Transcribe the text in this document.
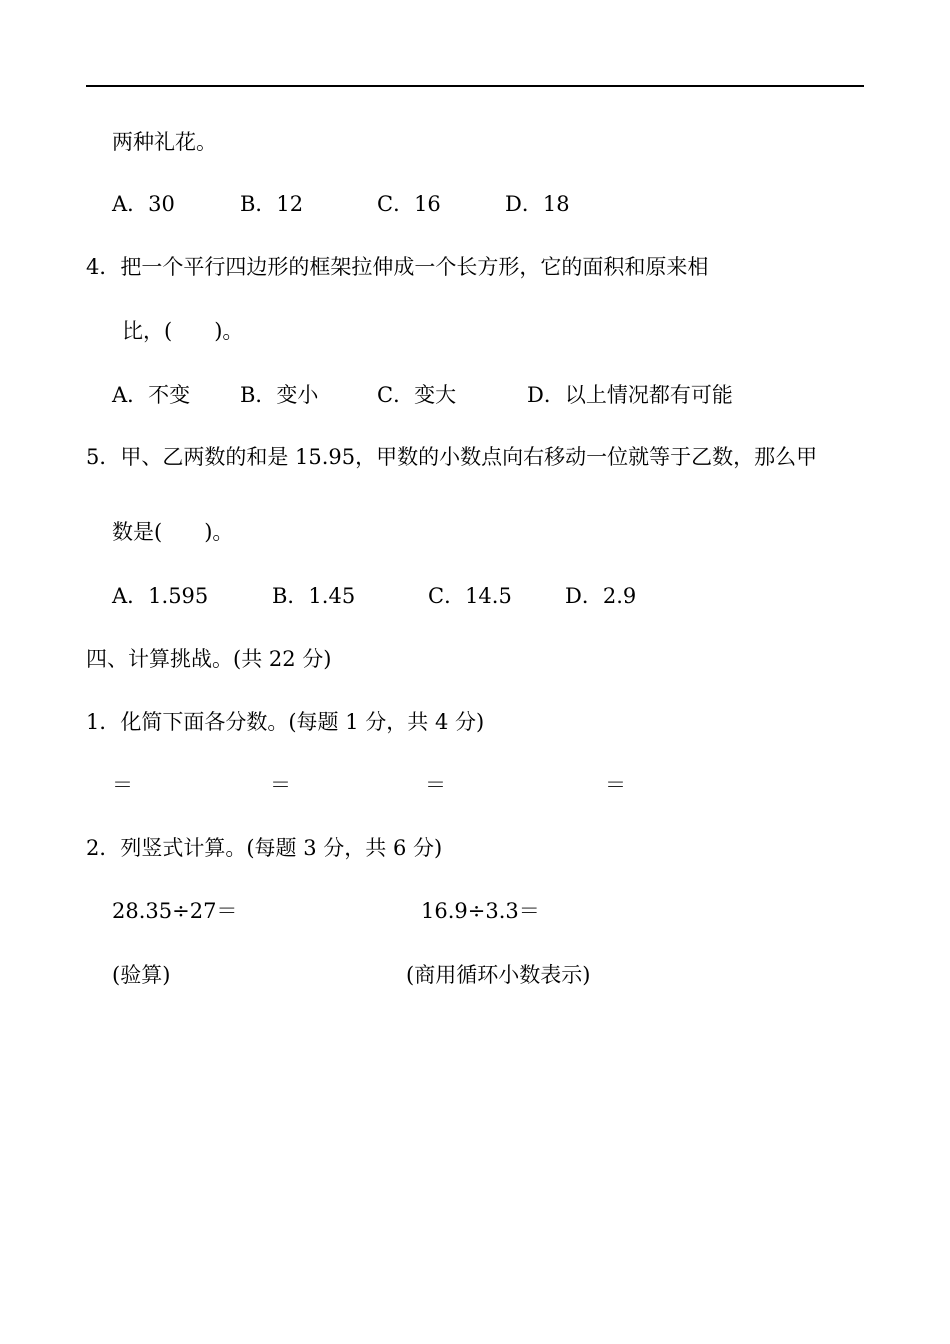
两种礼花。
A．30	B．12	C．16	D．18
4．把一个平行四边形的框架拉伸成一个长方形，它的面积和原来相
比，(　　)。
A．不变 B．变小	C．变大	D．以上情况都有可能
5．甲、乙两数的和是 15.95，甲数的小数点向右移动一位就等于乙数，那么甲
数是(　　)。
A．1.595	B．1.45	C．14.5	D．2.9
四、计算挑战。(共 22 分)
1．化简下面各分数。(每题 1 分，共 4 分)
＝	＝	＝	＝
2．列竖式计算。(每题 3 分，共 6 分)
28.35÷27＝	16.9÷3.3＝
(验算)	(商用循环小数表示)
